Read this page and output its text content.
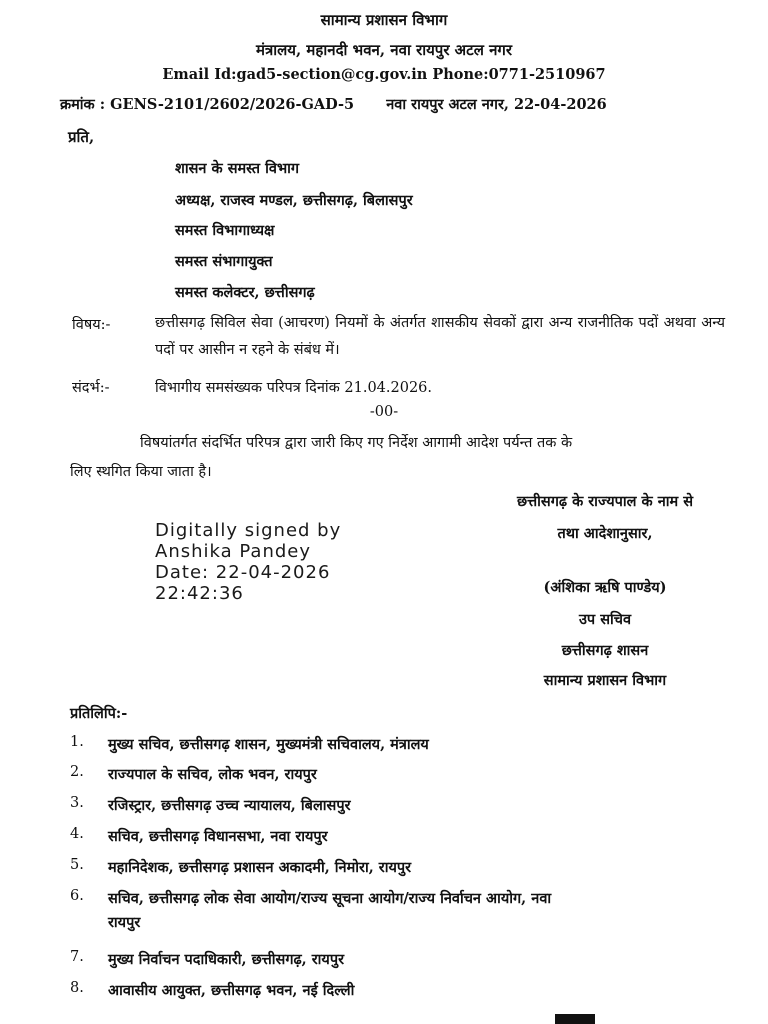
सामान्य प्रशासन विभाग
मंत्रालय, महानदी भवन, नवा रायपुर अटल नगर
Email Id:gad5-section@cg.gov.in Phone:0771-2510967
क्रमांक : GENS-2101/2602/2026-GAD-5 नवा रायपुर अटल नगर, 22-04-2026
प्रति,
शासन के समस्त विभाग
अध्यक्ष, राजस्व मण्डल, छत्तीसगढ़, बिलासपुर
समस्त विभागाध्यक्ष
समस्त संभागायुक्त
समस्त कलेक्टर, छत्तीसगढ़
विषय:-	छत्तीसगढ़ सिविल सेवा (आचरण) नियमों के अंतर्गत शासकीय सेवकों द्वारा अन्य राजनीतिक पदों अथवा अन्य पदों पर आसीन न रहने के संबंध में।
संदर्भ:-	विभागीय समसंख्यक परिपत्र दिनांक 21.04.2026.
-00-
विषयांतर्गत संदर्भित परिपत्र द्वारा जारी किए गए निर्देश आगामी आदेश पर्यन्त तक के
लिए स्थगित किया जाता है।
Digitally signed by
Anshika Pandey
Date: 22-04-2026
22:42:36
छत्तीसगढ़ के राज्यपाल के नाम से
तथा आदेशानुसार,
(अंशिका ऋषि पाण्डेय)
उप सचिव
छत्तीसगढ़ शासन
सामान्य प्रशासन विभाग
प्रतिलिपि:-
1. मुख्य सचिव, छत्तीसगढ़ शासन, मुख्यमंत्री सचिवालय, मंत्रालय
2. राज्यपाल के सचिव, लोक भवन, रायपुर
3. रजिस्ट्रार, छत्तीसगढ़ उच्च न्यायालय, बिलासपुर
4. सचिव, छत्तीसगढ़ विधानसभा, नवा रायपुर
5. महानिदेशक, छत्तीसगढ़ प्रशासन अकादमी, निमोरा, रायपुर
6. सचिव, छत्तीसगढ़ लोक सेवा आयोग/राज्य सूचना आयोग/राज्य निर्वाचन आयोग, नवा
रायपुर
7. मुख्य निर्वाचन पदाधिकारी, छत्तीसगढ़, रायपुर
8. आवासीय आयुक्त, छत्तीसगढ़ भवन, नई दिल्ली
